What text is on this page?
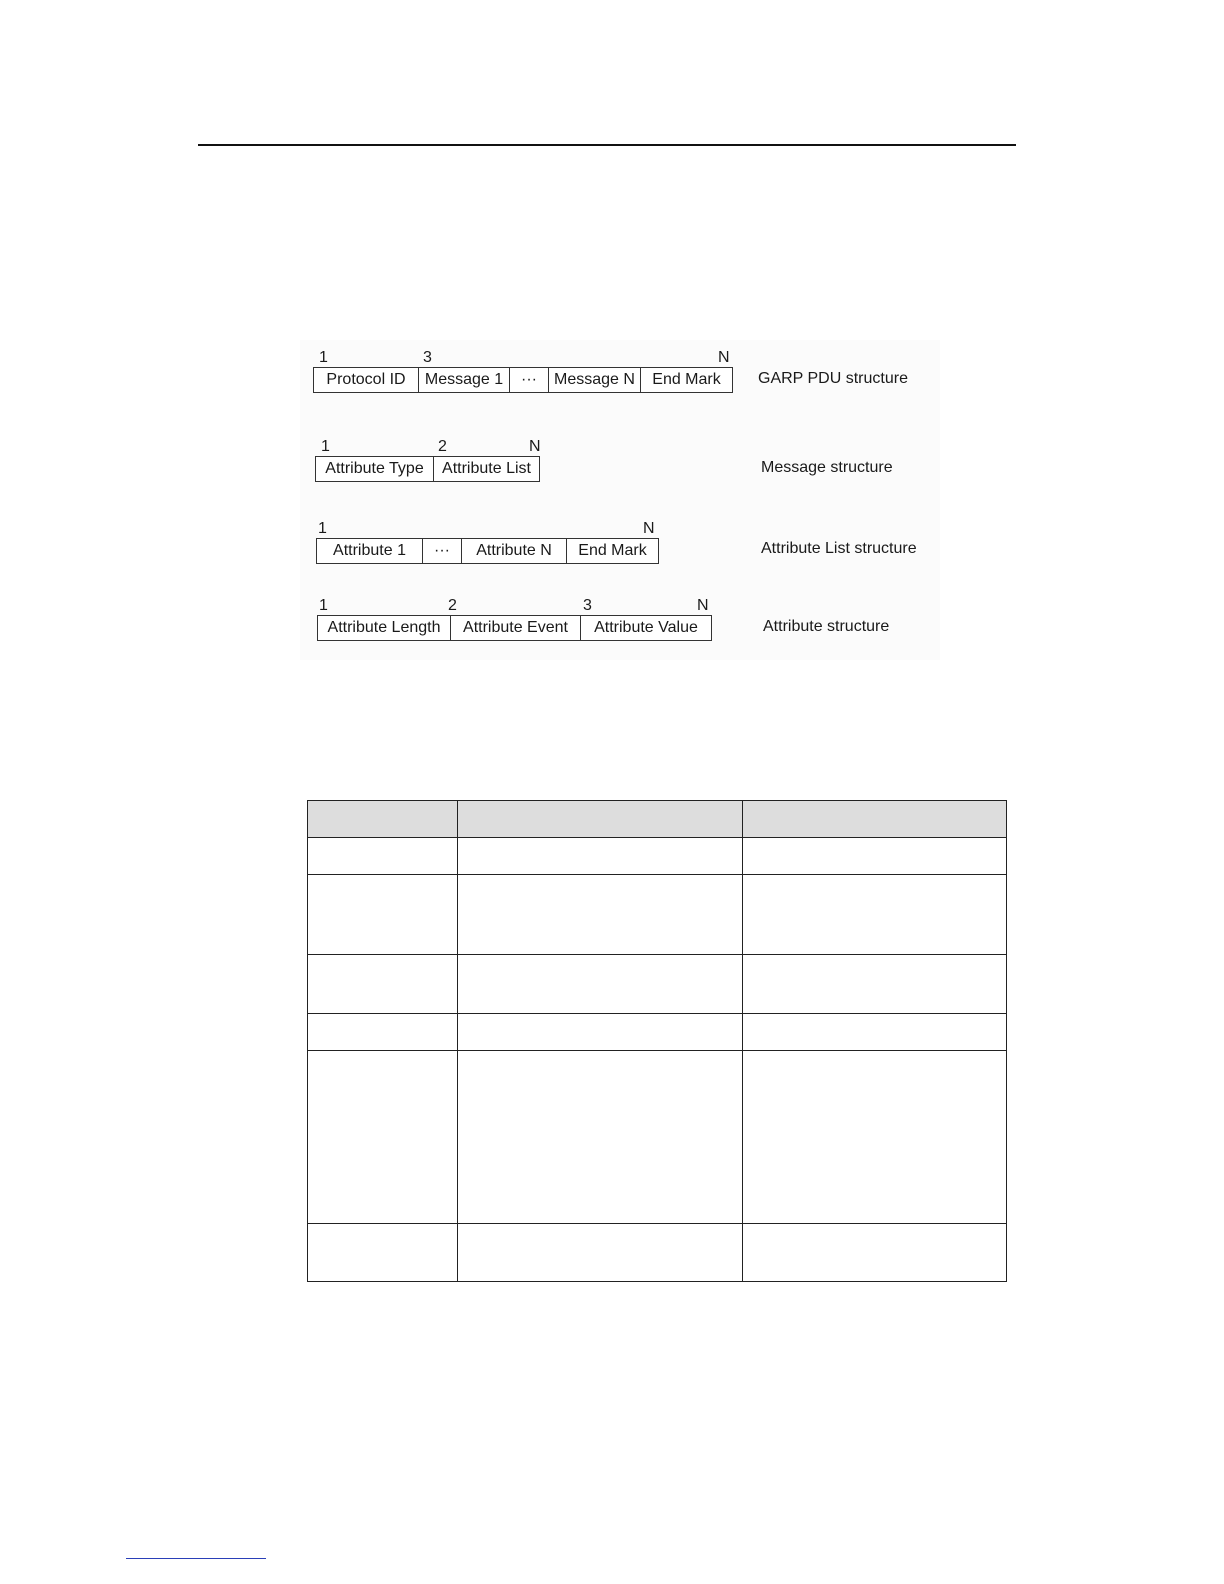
1	3	N
Protocol ID	Message 1	···	Message N	End Mark	GARP PDU structure
1	2	N
Attribute Type	Attribute List	Message structure
1	N
Attribute 1	···	Attribute N	End Mark	Attribute List structure
1	2	3	N
Attribute Length	Attribute Event	Attribute Value	Attribute structure
